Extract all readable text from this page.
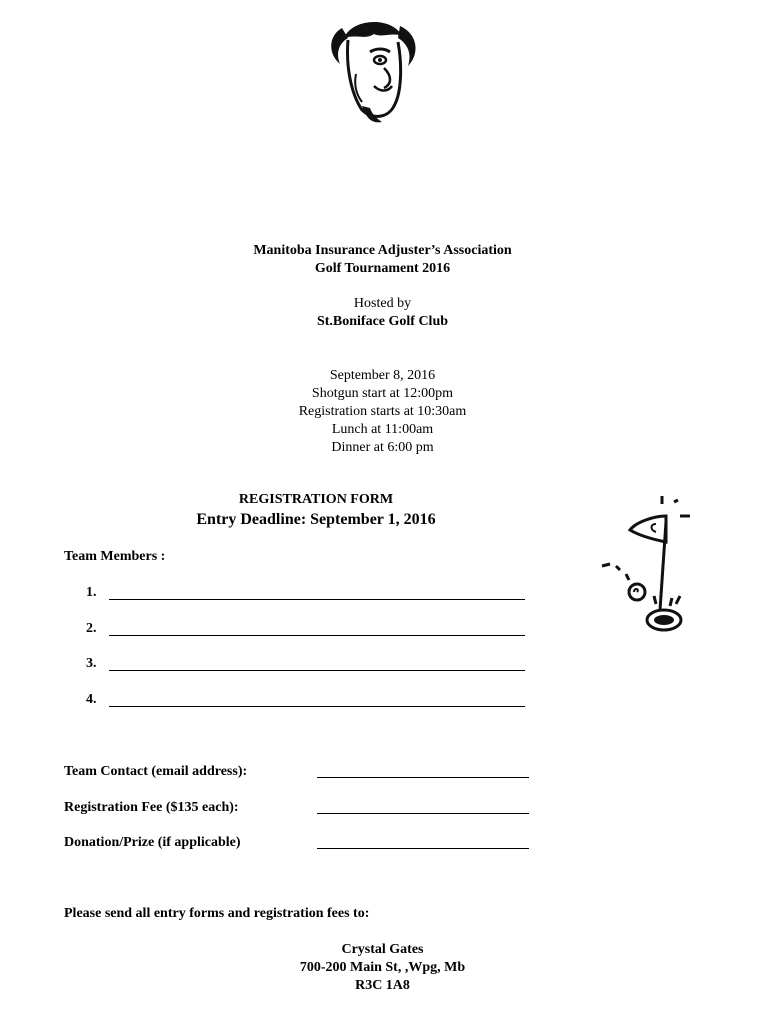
Manitoba Insurance Adjuster’s Association
Golf Tournament 2016
Hosted by
St.Boniface Golf Club
September 8, 2016
Shotgun start at 12:00pm
Registration starts at 10:30am
Lunch at 11:00am
Dinner at 6:00 pm
REGISTRATION FORM
Entry Deadline: September 1, 2016
Team Members :
1.
2.
3.
4.
Team Contact (email address):
Registration Fee ($135 each):
Donation/Prize (if applicable)
Please send all entry forms and registration fees to:
Crystal Gates
700-200 Main St, ,Wpg, Mb
R3C 1A8
